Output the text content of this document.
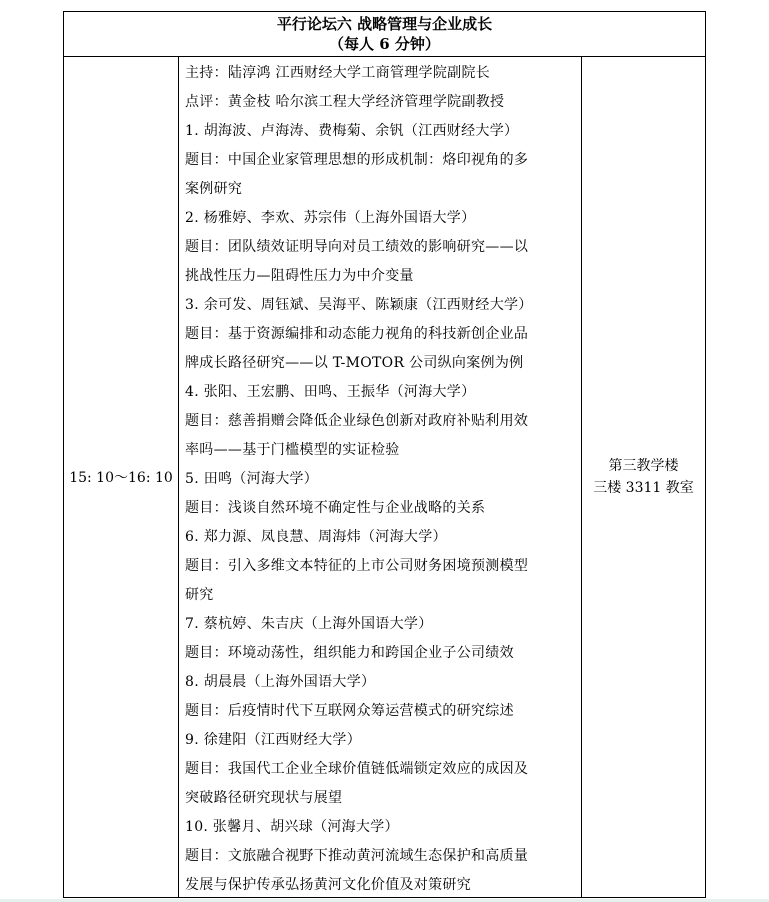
平行论坛六 战略管理与企业成长
（每人 6 分钟）
15: 10～16: 10
主持：陆淳鸿 江西财经大学工商管理学院副院长
点评：黄金枝 哈尔滨工程大学经济管理学院副教授
1. 胡海波、卢海涛、费梅菊、余钒（江西财经大学）
题目：中国企业家管理思想的形成机制：烙印视角的多
案例研究
2. 杨雅婷、李欢、苏宗伟（上海外国语大学）
题目：团队绩效证明导向对员工绩效的影响研究——以
挑战性压力—阻碍性压力为中介变量
3. 余可发、周钰斌、吴海平、陈颖康（江西财经大学）
题目：基于资源编排和动态能力视角的科技新创企业品
牌成长路径研究——以 T-MOTOR 公司纵向案例为例
4. 张阳、王宏鹏、田鸣、王振华（河海大学）
题目：慈善捐赠会降低企业绿色创新对政府补贴利用效
率吗——基于门槛模型的实证检验
5. 田鸣（河海大学）
题目：浅谈自然环境不确定性与企业战略的关系
6. 郑力源、凤良慧、周海炜（河海大学）
题目：引入多维文本特征的上市公司财务困境预测模型
研究
7. 蔡杭婷、朱吉庆（上海外国语大学）
题目：环境动荡性，组织能力和跨国企业子公司绩效
8. 胡晨晨（上海外国语大学）
题目：后疫情时代下互联网众筹运营模式的研究综述
9. 徐建阳（江西财经大学）
题目：我国代工企业全球价值链低端锁定效应的成因及
突破路径研究现状与展望
10. 张馨月、胡兴球（河海大学）
题目：文旅融合视野下推动黄河流域生态保护和高质量
发展与保护传承弘扬黄河文化价值及对策研究
第三教学楼
三楼 3311 教室
